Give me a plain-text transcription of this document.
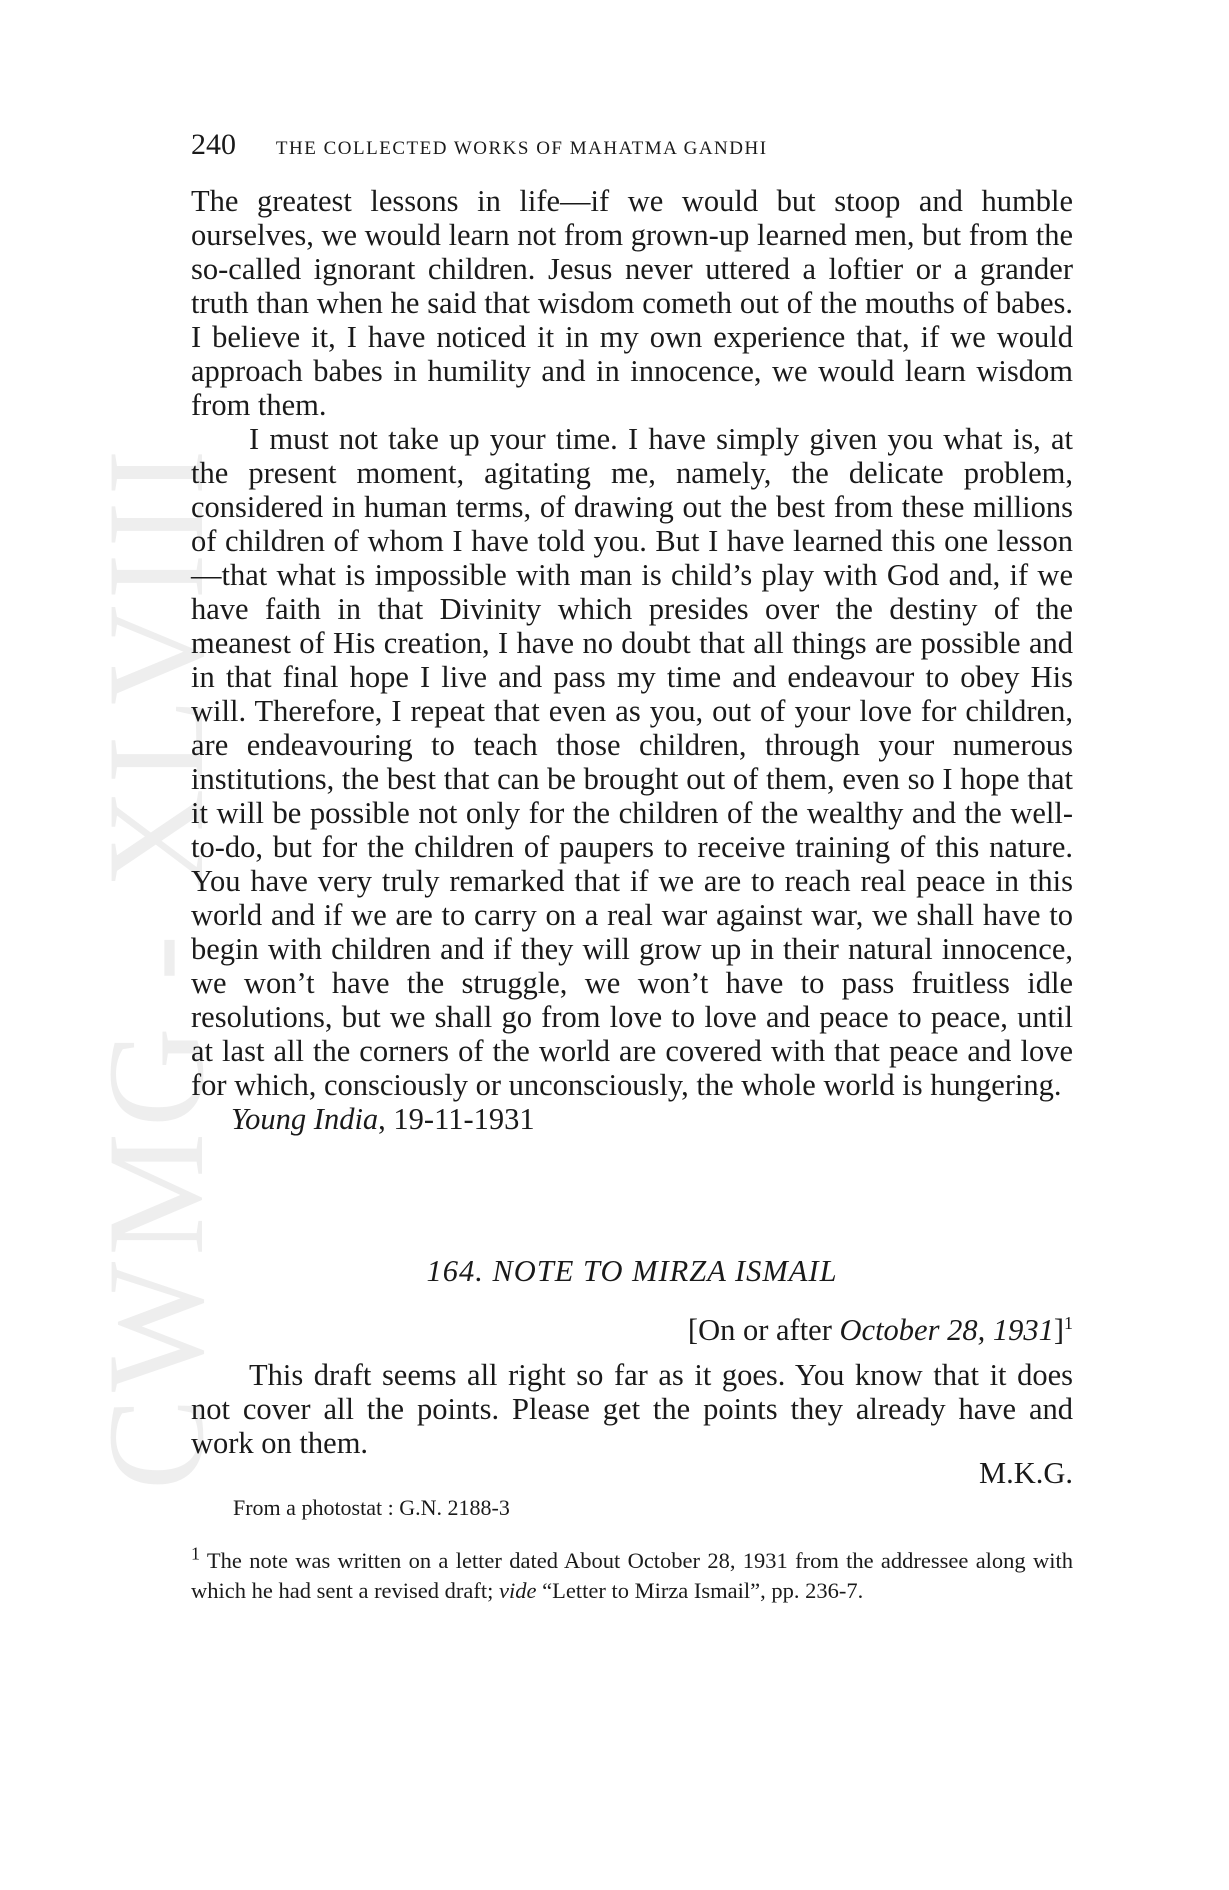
CWMG - XLVIII
240 THE COLLECTED WORKS OF MAHATMA GANDHI

The greatest lessons in life—if we would but stoop and humble ourselves, we would learn not from grown-up learned men, but from the so-called ignorant children. Jesus never uttered a loftier or a grander truth than when he said that wisdom cometh out of the mouths of babes. I believe it, I have noticed it in my own experience that, if we would approach babes in humility and in innocence, we would learn wisdom from them.

I must not take up your time. I have simply given you what is, at the present moment, agitating me, namely, the delicate problem, considered in human terms, of drawing out the best from these millions of children of whom I have told you. But I have learned this one lesson—that what is impossible with man is child’s play with God and, if we have faith in that Divinity which presides over the destiny of the meanest of His creation, I have no doubt that all things are possible and in that final hope I live and pass my time and endeavour to obey His will. Therefore, I repeat that even as you, out of your love for children, are endeavouring to teach those children, through your numerous institutions, the best that can be brought out of them, even so I hope that it will be possible not only for the children of the wealthy and the well-to-do, but for the children of paupers to receive training of this nature. You have very truly remarked that if we are to reach real peace in this world and if we are to carry on a real war against war, we shall have to begin with children and if they will grow up in their natural innocence, we won’t have the struggle, we won’t have to pass fruitless idle resolutions, but we shall go from love to love and peace to peace, until at last all the corners of the world are covered with that peace and love for which, consciously or unconsciously, the whole world is hungering.

Young India, 19-11-1931

164. NOTE TO MIRZA ISMAIL
[On or after October 28, 1931]$^1$

This draft seems all right so far as it goes. You know that it does not cover all the points. Please get the points they already have and work on them.

M.K.G.
From a photostat : G.N. 2188-3
$^1$ The note was written on a letter dated About October 28, 1931 from the addressee along with which he had sent a revised draft; vide “Letter to Mirza Ismail”, pp. 236-7.
